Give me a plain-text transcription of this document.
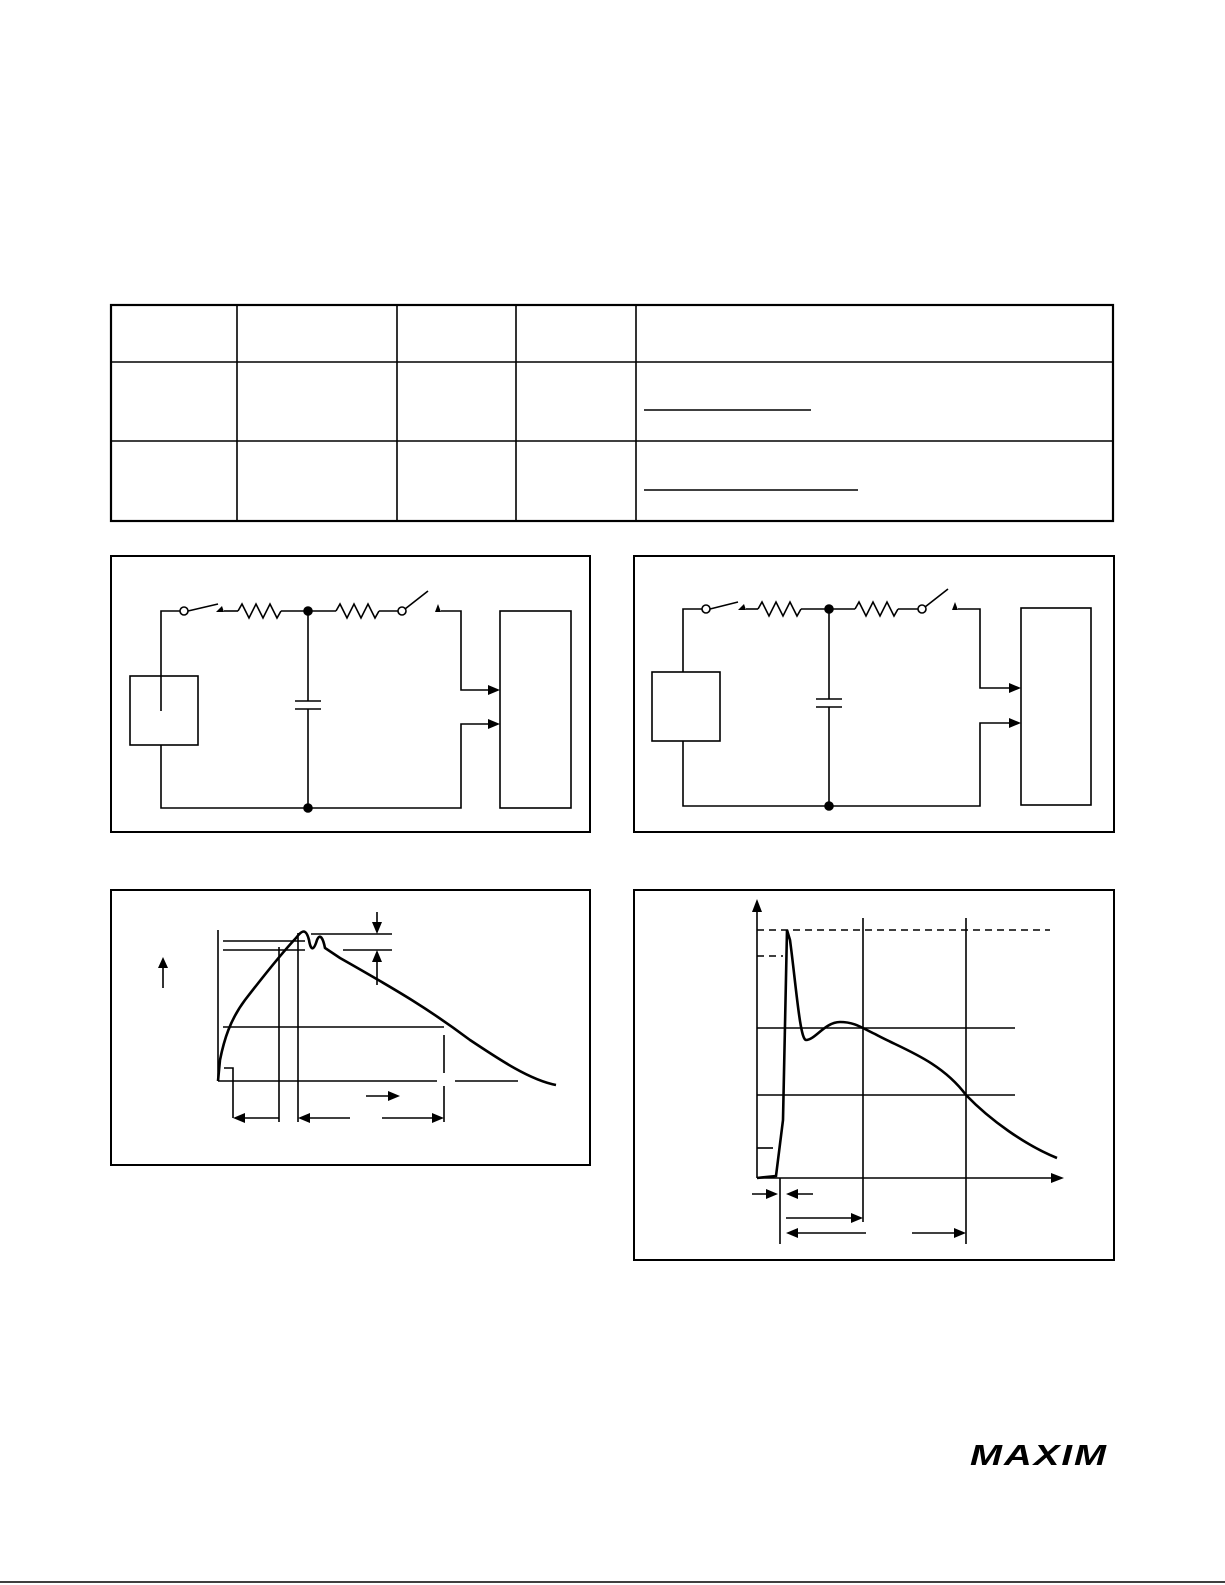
MAXIM
